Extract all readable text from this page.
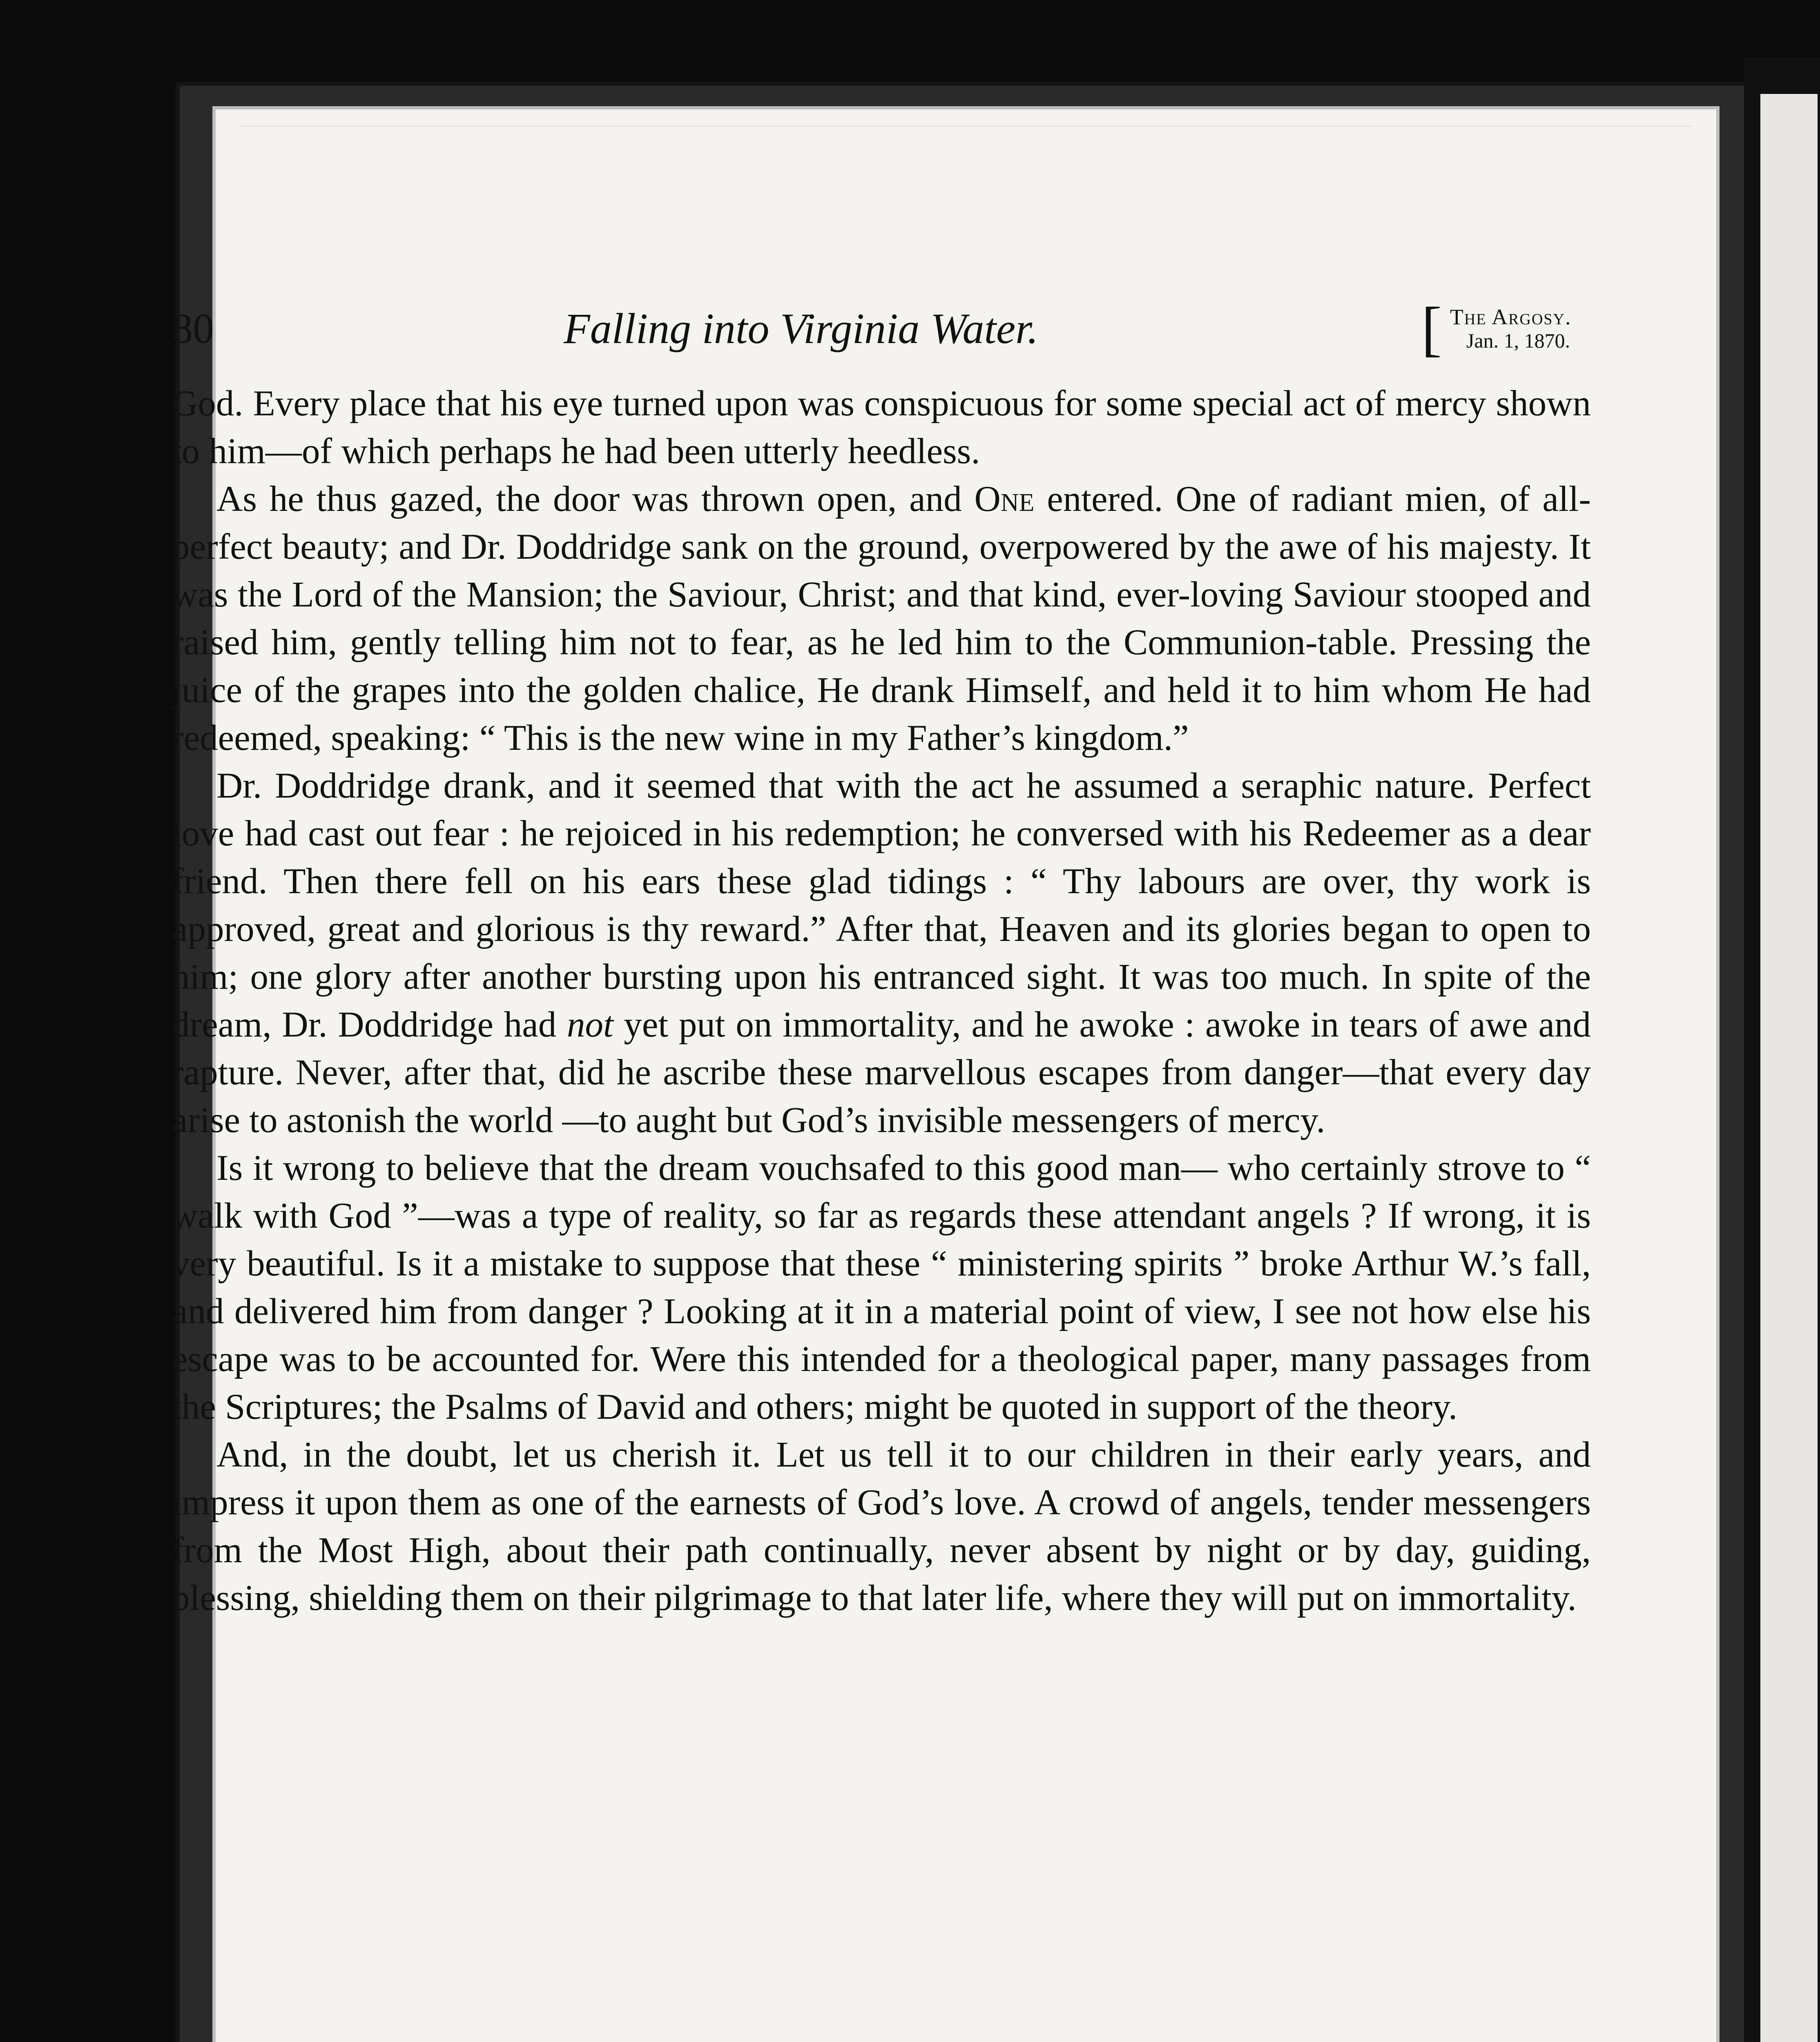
80	Falling into Virginia Water.	[ The Argosy.
Jan. 1, 1870.

God. Every place that his eye turned upon was conspicuous for some special act of mercy shown to him—of which perhaps he had been utterly heedless.

As he thus gazed, the door was thrown open, and One entered. One of radiant mien, of all-perfect beauty; and Dr. Doddridge sank on the ground, overpowered by the awe of his majesty. It was the Lord of the Mansion; the Saviour, Christ; and that kind, ever-loving Saviour stooped and raised him, gently telling him not to fear, as he led him to the Communion-table. Pressing the juice of the grapes into the golden chalice, He drank Himself, and held it to him whom He had redeemed, speaking: “ This is the new wine in my Father’s kingdom.”

Dr. Doddridge drank, and it seemed that with the act he assumed a seraphic nature. Perfect love had cast out fear : he rejoiced in his redemption; he conversed with his Redeemer as a dear friend. Then there fell on his ears these glad tidings : “ Thy labours are over, thy work is approved, great and glorious is thy reward.” After that, Heaven and its glories began to open to him; one glory after another bursting upon his entranced sight. It was too much. In spite of the dream, Dr. Doddridge had not yet put on immortality, and he awoke : awoke in tears of awe and rapture. Never, after that, did he ascribe these marvellous escapes from danger—that every day arise to astonish the world —to aught but God’s invisible messengers of mercy.

Is it wrong to believe that the dream vouchsafed to this good man— who certainly strove to “ walk with God ”—was a type of reality, so far as regards these attendant angels ? If wrong, it is very beautiful. Is it a mistake to suppose that these “ ministering spirits ” broke Arthur W.’s fall, and delivered him from danger ? Looking at it in a material point of view, I see not how else his escape was to be accounted for. Were this intended for a theological paper, many passages from the Scriptures; the Psalms of David and others; might be quoted in support of the theory.

And, in the doubt, let us cherish it. Let us tell it to our children in their early years, and impress it upon them as one of the earnests of God’s love. A crowd of angels, tender messengers from the Most High, about their path continually, never absent by night or by day, guiding, blessing, shielding them on their pilgrimage to that later life, where they will put on immortality.
